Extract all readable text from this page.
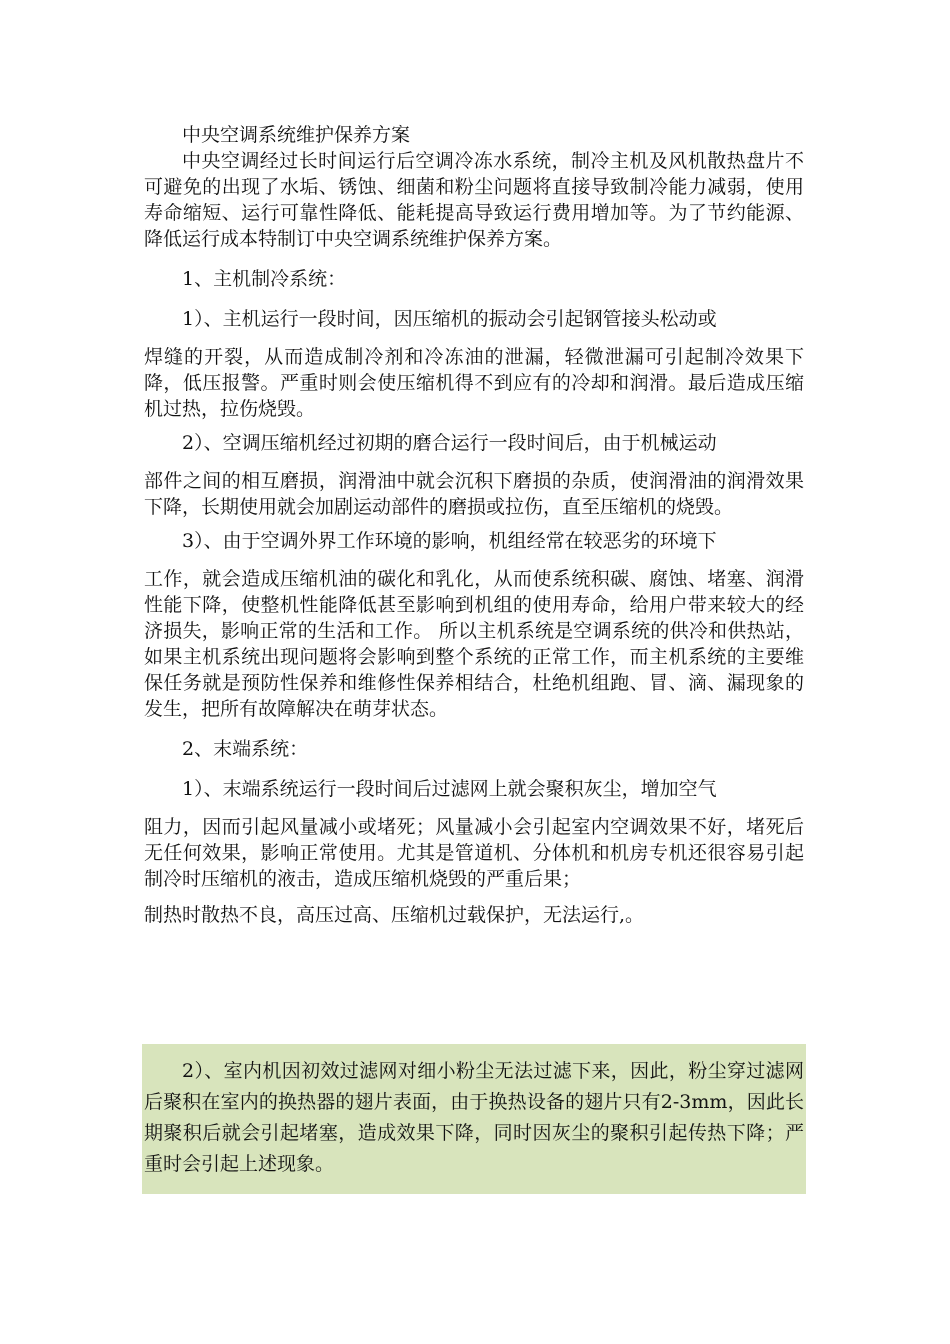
中央空调系统维护保养方案

中央空调经过长时间运行后空调冷冻水系统，制冷主机及风机散热盘片不可避免的出现了水垢、锈蚀、细菌和粉尘问题将直接导致制冷能力减弱，使用寿命缩短、运行可靠性降低、能耗提高导致运行费用增加等。为了节约能源、降低运行成本特制订中央空调系统维护保养方案。

1、主机制冷系统：

1）、主机运行一段时间，因压缩机的振动会引起钢管接头松动或
焊缝的开裂，从而造成制冷剂和冷冻油的泄漏，轻微泄漏可引起制冷效果下降，低压报警。严重时则会使压缩机得不到应有的冷却和润滑。最后造成压缩机过热，拉伤烧毁。

2）、空调压缩机经过初期的磨合运行一段时间后，由于机械运动
部件之间的相互磨损，润滑油中就会沉积下磨损的杂质，使润滑油的润滑效果下降，长期使用就会加剧运动部件的磨损或拉伤，直至压缩机的烧毁。

3）、由于空调外界工作环境的影响，机组经常在较恶劣的环境下
工作，就会造成压缩机油的碳化和乳化，从而使系统积碳、腐蚀、堵塞、润滑性能下降，使整机性能降低甚至影响到机组的使用寿命，给用户带来较大的经济损失，影响正常的生活和工作。 所以主机系统是空调系统的供冷和供热站，如果主机系统出现问题将会影响到整个系统的正常工作，而主机系统的主要维保任务就是预防性保养和维修性保养相结合，杜绝机组跑、冒、滴、漏现象的发生，把所有故障解决在萌芽状态。

2、末端系统：

1）、末端系统运行一段时间后过滤网上就会聚积灰尘，增加空气
阻力，因而引起风量减小或堵死；风量减小会引起室内空调效果不好，堵死后无任何效果，影响正常使用。尤其是管道机、分体机和机房专机还很容易引起制冷时压缩机的液击，造成压缩机烧毁的严重后果；
制热时散热不良，高压过高、压缩机过载保护，无法运行,。

2）、室内机因初效过滤网对细小粉尘无法过滤下来，因此，粉尘穿过滤网后聚积在室内的换热器的翅片表面，由于换热设备的翅片只有2-3mm，因此长期聚积后就会引起堵塞，造成效果下降，同时因灰尘的聚积引起传热下降；严重时会引起上述现象。
